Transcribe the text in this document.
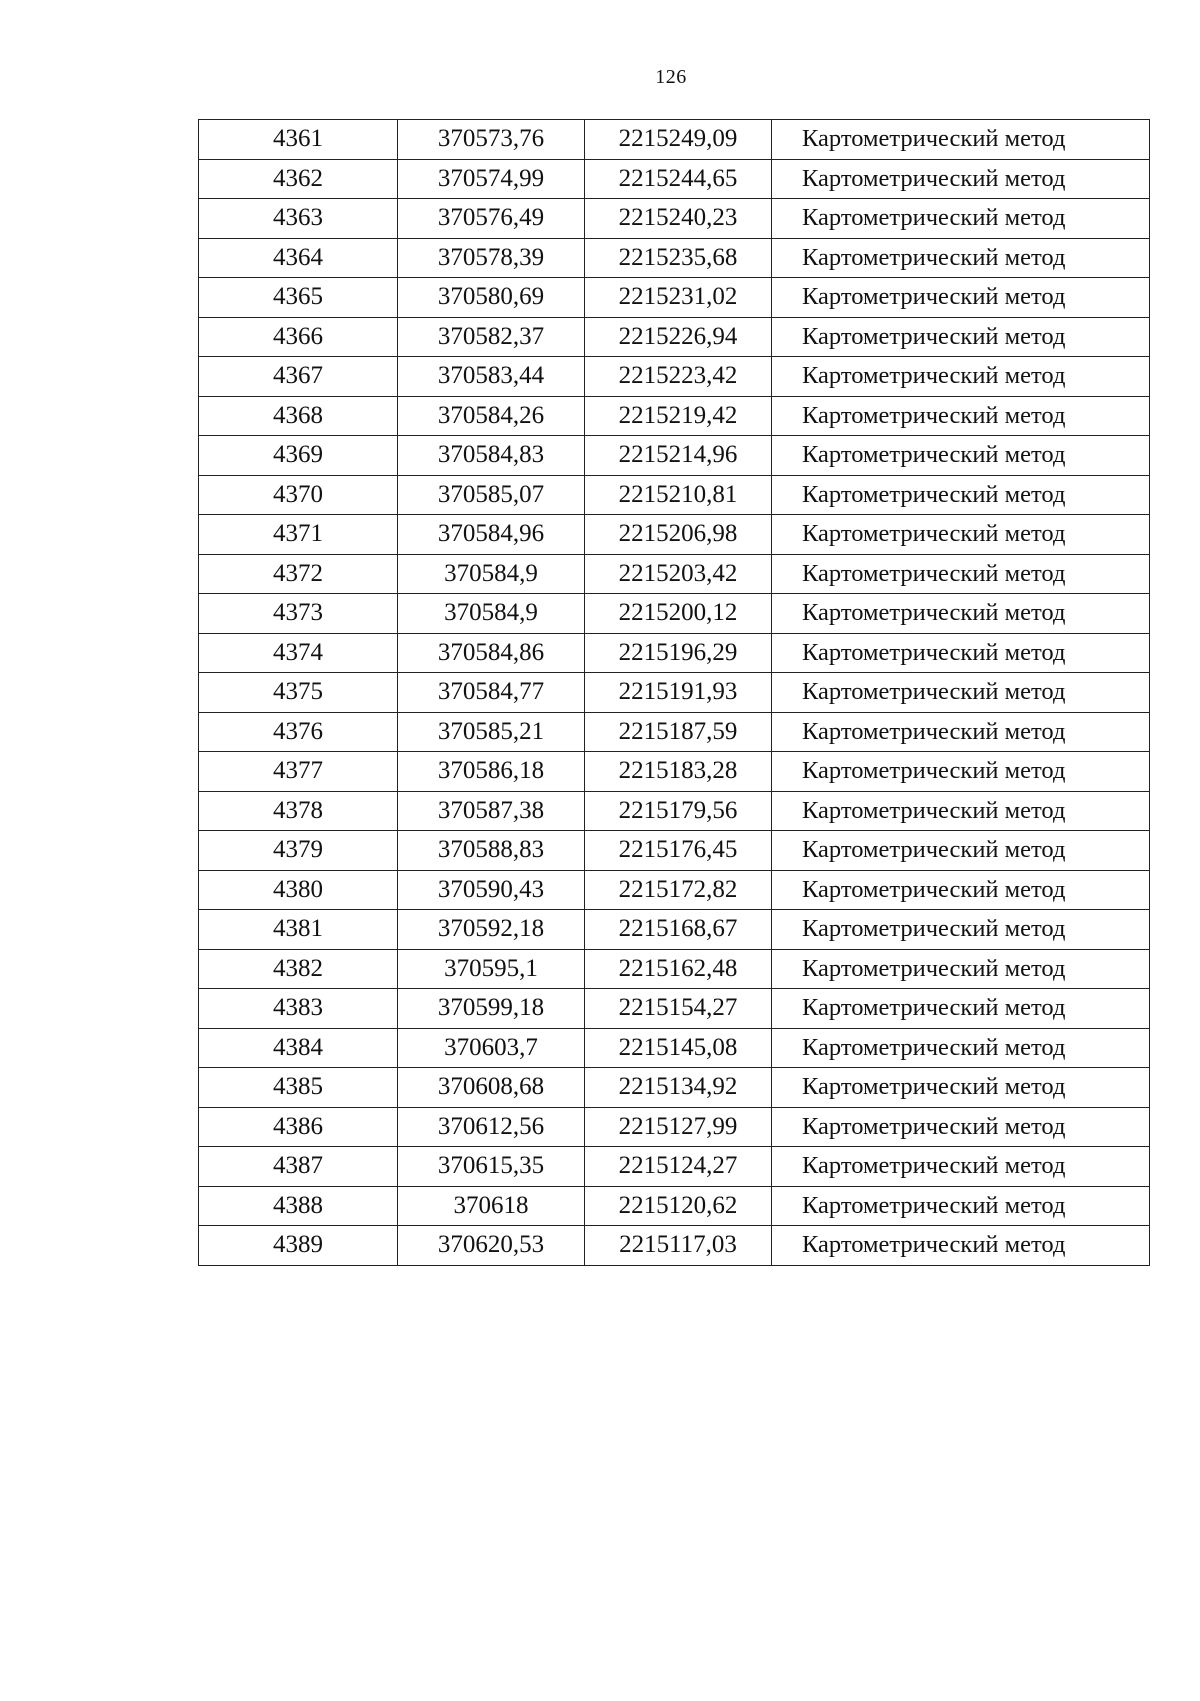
126
4361	370573,76	2215249,09	Картометрический метод
4362	370574,99	2215244,65	Картометрический метод
4363	370576,49	2215240,23	Картометрический метод
4364	370578,39	2215235,68	Картометрический метод
4365	370580,69	2215231,02	Картометрический метод
4366	370582,37	2215226,94	Картометрический метод
4367	370583,44	2215223,42	Картометрический метод
4368	370584,26	2215219,42	Картометрический метод
4369	370584,83	2215214,96	Картометрический метод
4370	370585,07	2215210,81	Картометрический метод
4371	370584,96	2215206,98	Картометрический метод
4372	370584,9	2215203,42	Картометрический метод
4373	370584,9	2215200,12	Картометрический метод
4374	370584,86	2215196,29	Картометрический метод
4375	370584,77	2215191,93	Картометрический метод
4376	370585,21	2215187,59	Картометрический метод
4377	370586,18	2215183,28	Картометрический метод
4378	370587,38	2215179,56	Картометрический метод
4379	370588,83	2215176,45	Картометрический метод
4380	370590,43	2215172,82	Картометрический метод
4381	370592,18	2215168,67	Картометрический метод
4382	370595,1	2215162,48	Картометрический метод
4383	370599,18	2215154,27	Картометрический метод
4384	370603,7	2215145,08	Картометрический метод
4385	370608,68	2215134,92	Картометрический метод
4386	370612,56	2215127,99	Картометрический метод
4387	370615,35	2215124,27	Картометрический метод
4388	370618	2215120,62	Картометрический метод
4389	370620,53	2215117,03	Картометрический метод
